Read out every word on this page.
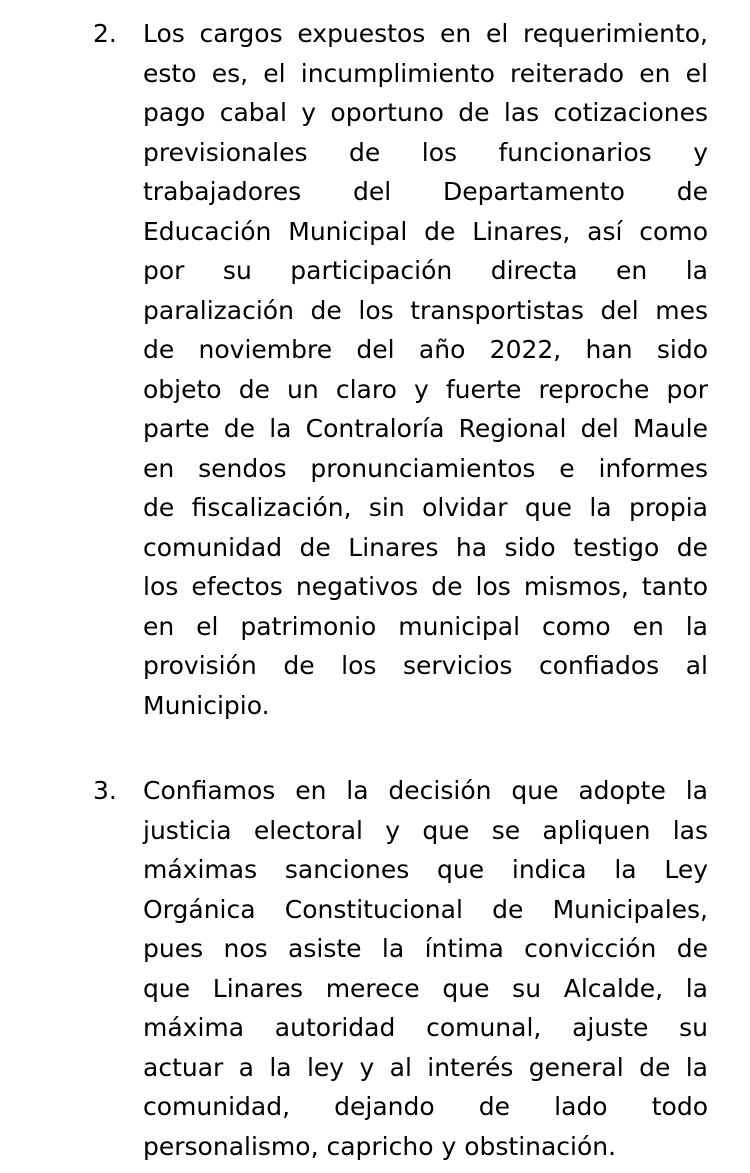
2. Los cargos expuestos en el requerimiento,
esto es, el incumplimiento reiterado en el
pago cabal y oportuno de las cotizaciones
previsionales de los funcionarios y
trabajadores del Departamento de
Educación Municipal de Linares, así como
por su participación directa en la
paralización de los transportistas del mes
de noviembre del año 2022, han sido
objeto de un claro y fuerte reproche por
parte de la Contraloría Regional del Maule
en sendos pronunciamientos e informes
de fiscalización, sin olvidar que la propia
comunidad de Linares ha sido testigo de
los efectos negativos de los mismos, tanto
en el patrimonio municipal como en la
provisión de los servicios confiados al
Municipio.
3. Confiamos en la decisión que adopte la
justicia electoral y que se apliquen las
máximas sanciones que indica la Ley
Orgánica Constitucional de Municipales,
pues nos asiste la íntima convicción de
que Linares merece que su Alcalde, la
máxima autoridad comunal, ajuste su
actuar a la ley y al interés general de la
comunidad, dejando de lado todo
personalismo, capricho y obstinación.
